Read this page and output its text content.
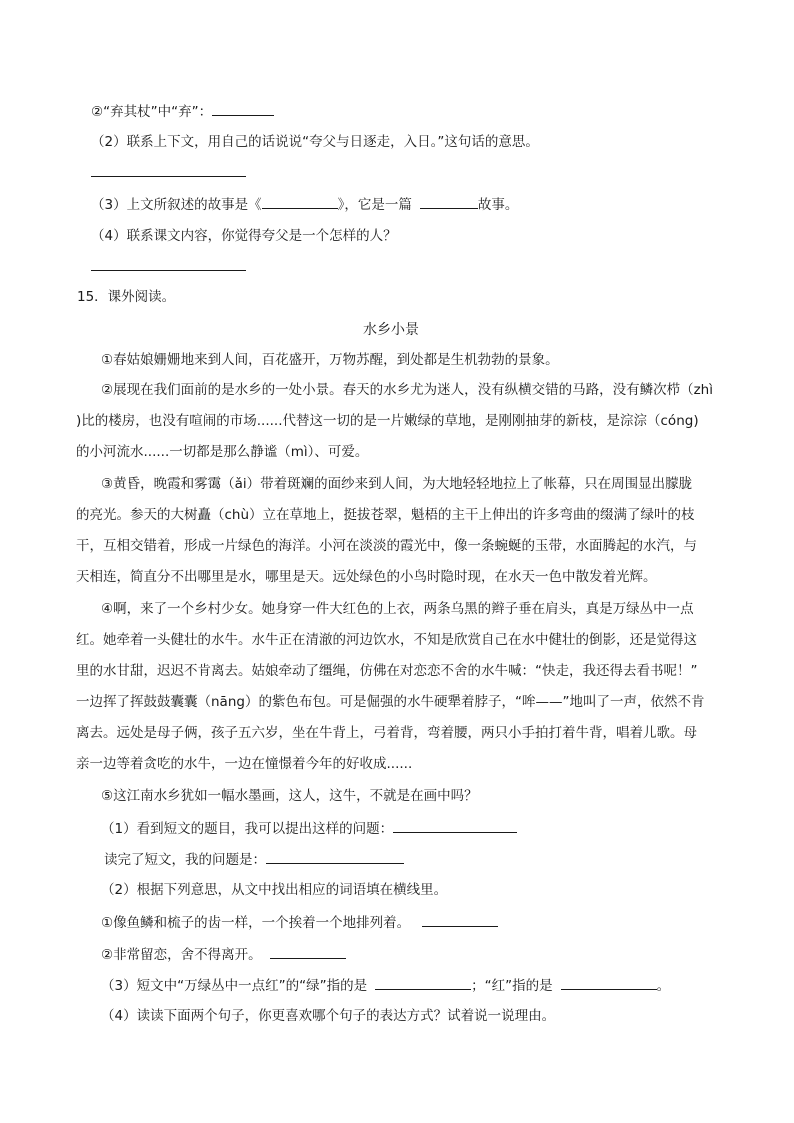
②“弃其杖”中“弃”：
（2）联系上下文，用自己的话说说“夸父与日逐走，入日。”这句话的意思。
（3）上文所叙述的故事是《	》，它是一篇	故事。
（4）联系课文内容，你觉得夸父是一个怎样的人？
15．课外阅读。
水乡小景
①春姑娘姗姗地来到人间，百花盛开，万物苏醒，到处都是生机勃勃的景象。
②展现在我们面前的是水乡的一处小景。春天的水乡尤为迷人，没有纵横交错的马路，没有鳞次栉（zhì
)比的楼房，也没有喧闹的市场......代替这一切的是一片嫩绿的草地，是刚刚抽芽的新枝，是淙淙（cóng)
的小河流水......一切都是那么静谧（mì）、可爱。
③黄昏，晚霞和雾霭（ǎi）带着斑斓的面纱来到人间，为大地轻轻地拉上了帐幕，只在周围显出朦胧
的亮光。参天的大树矗（chù）立在草地上，挺拔苍翠，魁梧的主干上伸出的许多弯曲的缀满了绿叶的枝
干，互相交错着，形成一片绿色的海洋。小河在淡淡的霞光中，像一条蜿蜒的玉带，水面腾起的水汽，与
天相连，简直分不出哪里是水，哪里是天。远处绿色的小鸟时隐时现，在水天一色中散发着光辉。
④啊，来了一个乡村少女。她身穿一件大红色的上衣，两条乌黑的辫子垂在肩头，真是万绿丛中一点
红。她牵着一头健壮的水牛。水牛正在清澈的河边饮水，不知是欣赏自己在水中健壮的倒影，还是觉得这
里的水甘甜，迟迟不肯离去。姑娘牵动了缰绳，仿佛在对恋恋不舍的水牛喊：“快走，我还得去看书呢！”
一边挥了挥鼓鼓囊囊（nāng）的紫色布包。可是倔强的水牛硬犟着脖子，“哞——”地叫了一声，依然不肯
离去。远处是母子俩，孩子五六岁，坐在牛背上，弓着背，弯着腰，两只小手拍打着牛背，唱着儿歌。母
亲一边等着贪吃的水牛，一边在憧憬着今年的好收成......
⑤这江南水乡犹如一幅水墨画，这人，这牛，不就是在画中吗？
（1）看到短文的题目，我可以提出这样的问题：
读完了短文，我的问题是：
（2）根据下列意思，从文中找出相应的词语填在横线里。
①像鱼鳞和梳子的齿一样，一个挨着一个地排列着。
②非常留恋，舍不得离开。
（3）短文中“万绿丛中一点红”的“绿”指的是	；“红”指的是	。
（4）读读下面两个句子，你更喜欢哪个句子的表达方式？试着说一说理由。
